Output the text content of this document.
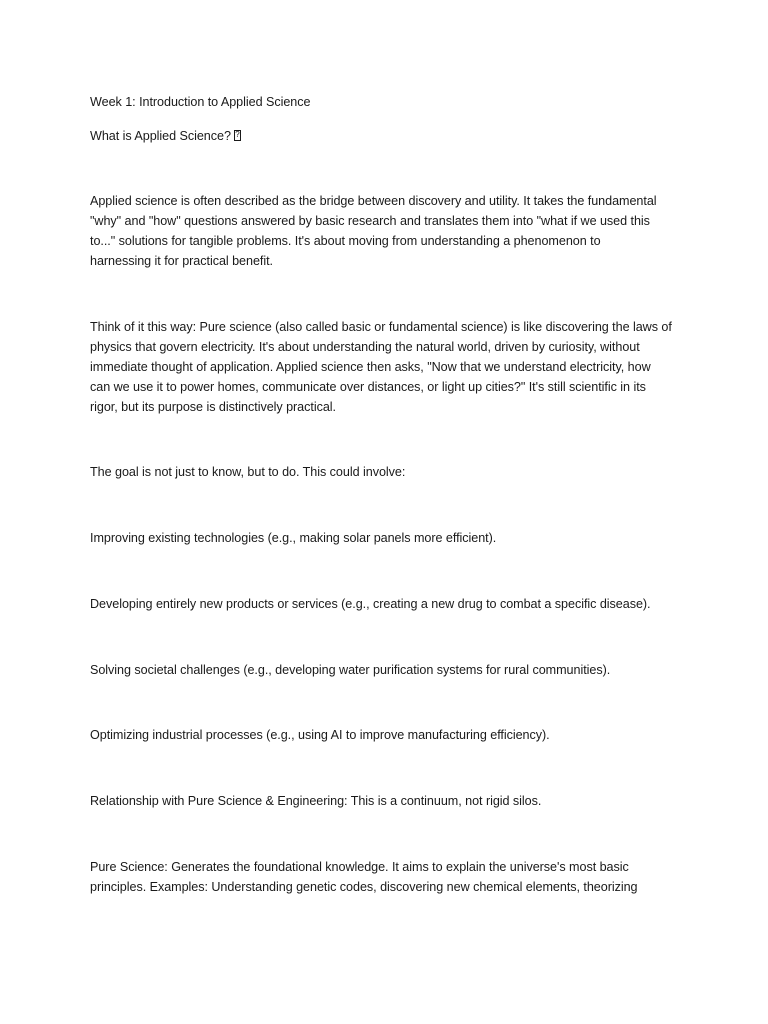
Week 1: Introduction to Applied Science

What is Applied Science??

Applied science is often described as the bridge between discovery and utility. It takes the fundamental
"why" and "how" questions answered by basic research and translates them into "what if we used this
to..." solutions for tangible problems. It's about moving from understanding a phenomenon to
harnessing it for practical benefit.
Think of it this way: Pure science (also called basic or fundamental science) is like discovering the laws of
physics that govern electricity. It's about understanding the natural world, driven by curiosity, without
immediate thought of application. Applied science then asks, "Now that we understand electricity, how
can we use it to power homes, communicate over distances, or light up cities?" It's still scientific in its
rigor, but its purpose is distinctively practical.

The goal is not just to know, but to do. This could involve:

Improving existing technologies (e.g., making solar panels more efficient).

Developing entirely new products or services (e.g., creating a new drug to combat a specific disease).

Solving societal challenges (e.g., developing water purification systems for rural communities).

Optimizing industrial processes (e.g., using AI to improve manufacturing efficiency).

Relationship with Pure Science & Engineering: This is a continuum, not rigid silos.

Pure Science: Generates the foundational knowledge. It aims to explain the universe's most basic
principles. Examples: Understanding genetic codes, discovering new chemical elements, theorizing
